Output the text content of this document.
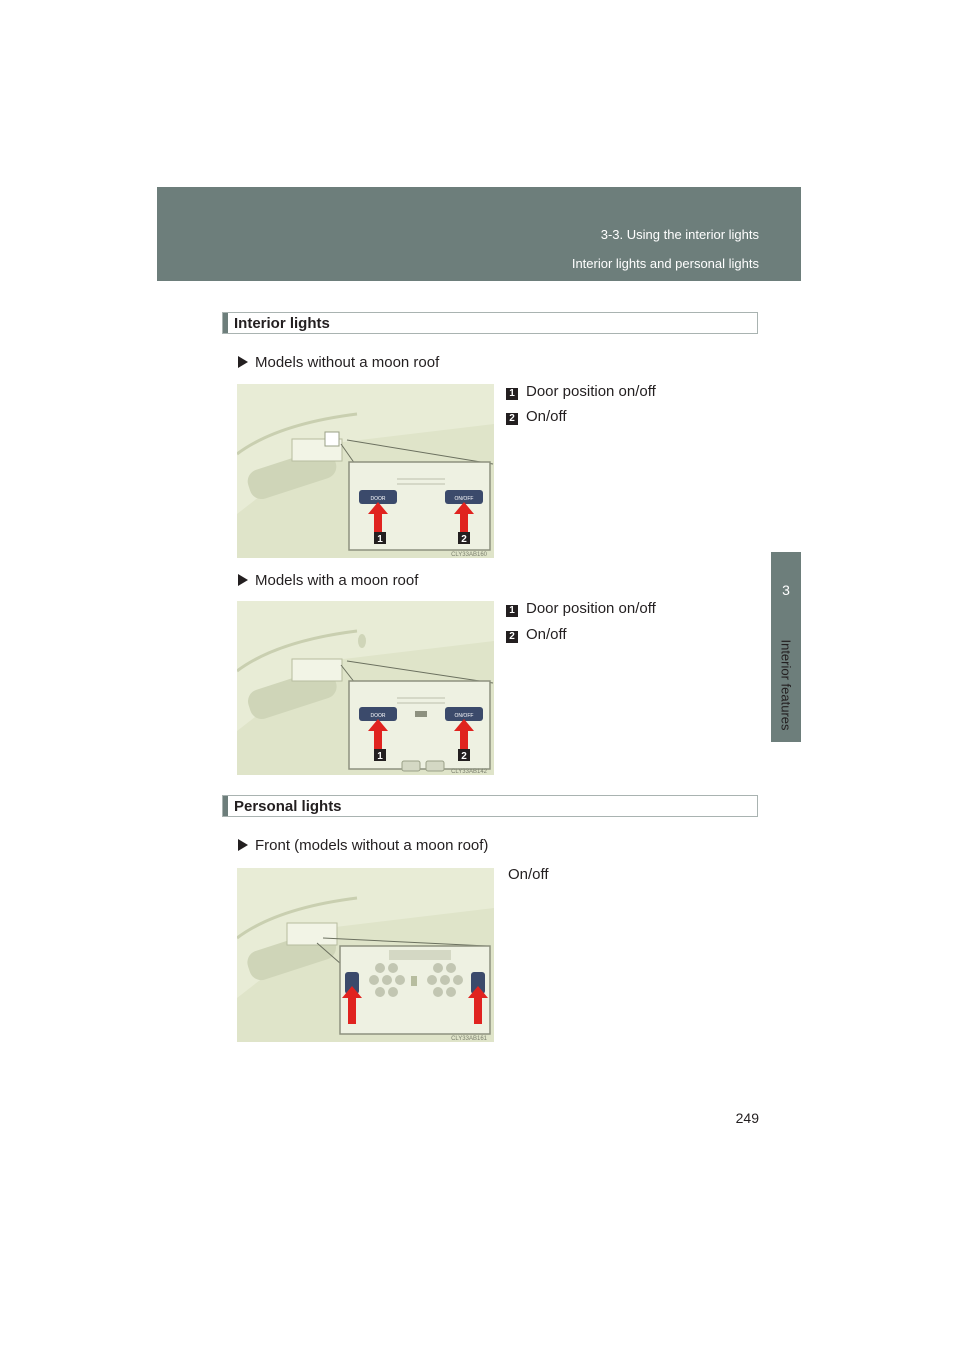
3-3. Using the interior lights
Interior lights and personal lights
3
Interior features
Interior lights
Models without a moon roof
1 Door position on/off
2 On/off
DOOR	ON/OFF
1	2
CLY33AB160
Models with a moon roof
1 Door position on/off
2 On/off
DOOR	ON/OFF
1	2
CLY33AB142
Personal lights
Front (models without a moon roof)
On/off
CLY33AB161
249
